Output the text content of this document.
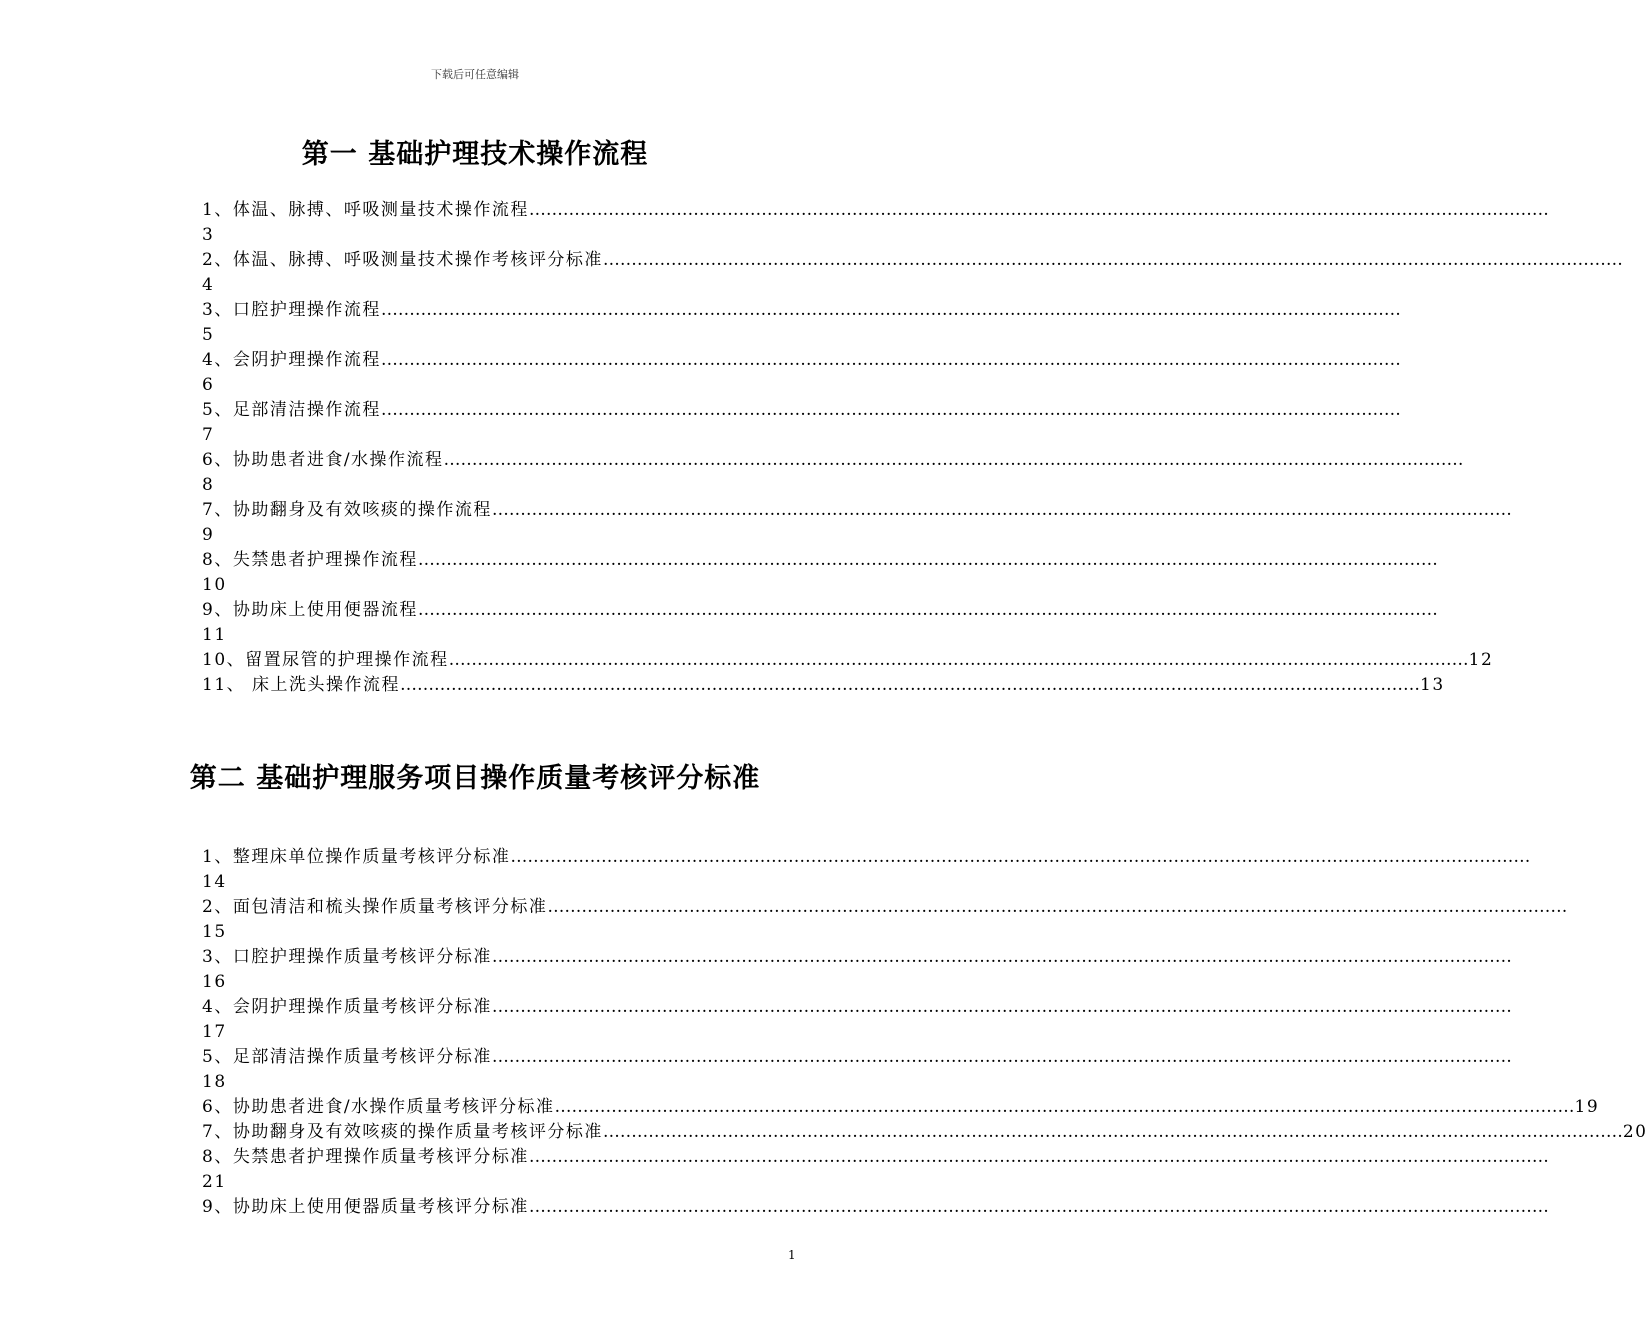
下载后可任意编辑
第一 基础护理技术操作流程
1、体温、脉搏、呼吸测量技术操作流程 ………………………………………………………………………………………………………………………………………………………………
3
2、体温、脉搏、呼吸测量技术操作考核评分标准 ………………………………………………………………………………………………………………………………………………………………
4
3、口腔护理操作流程 ………………………………………………………………………………………………………………………………………………………………
5
4、会阴护理操作流程 ………………………………………………………………………………………………………………………………………………………………
6
5、足部清洁操作流程 ………………………………………………………………………………………………………………………………………………………………
7
6、协助患者进食/水操作流程 ………………………………………………………………………………………………………………………………………………………………
8
7、协助翻身及有效咳痰的操作流程 ………………………………………………………………………………………………………………………………………………………………
9
8、失禁患者护理操作流程 ………………………………………………………………………………………………………………………………………………………………
10
9、协助床上使用便器流程 ………………………………………………………………………………………………………………………………………………………………
11
10、留置尿管的护理操作流程 ……………………………………………………………………………………………………………………………………………………………… 12
11、 床上洗头操作流程 ……………………………………………………………………………………………………………………………………………………………… 13
第二 基础护理服务项目操作质量考核评分标准
1、整理床单位操作质量考核评分标准 ………………………………………………………………………………………………………………………………………………………………
14
2、面包清洁和梳头操作质量考核评分标准 ………………………………………………………………………………………………………………………………………………………………
15
3、口腔护理操作质量考核评分标准 ………………………………………………………………………………………………………………………………………………………………
16
4、会阴护理操作质量考核评分标准 ………………………………………………………………………………………………………………………………………………………………
17
5、足部清洁操作质量考核评分标准 ………………………………………………………………………………………………………………………………………………………………
18
6、协助患者进食/水操作质量考核评分标准 ……………………………………………………………………………………………………………………………………………………………… 19
7、协助翻身及有效咳痰的操作质量考核评分标准 ……………………………………………………………………………………………………………………………………………………………… 20
8、失禁患者护理操作质量考核评分标准 ………………………………………………………………………………………………………………………………………………………………
21
9、协助床上使用便器质量考核评分标准 ………………………………………………………………………………………………………………………………………………………………
1
